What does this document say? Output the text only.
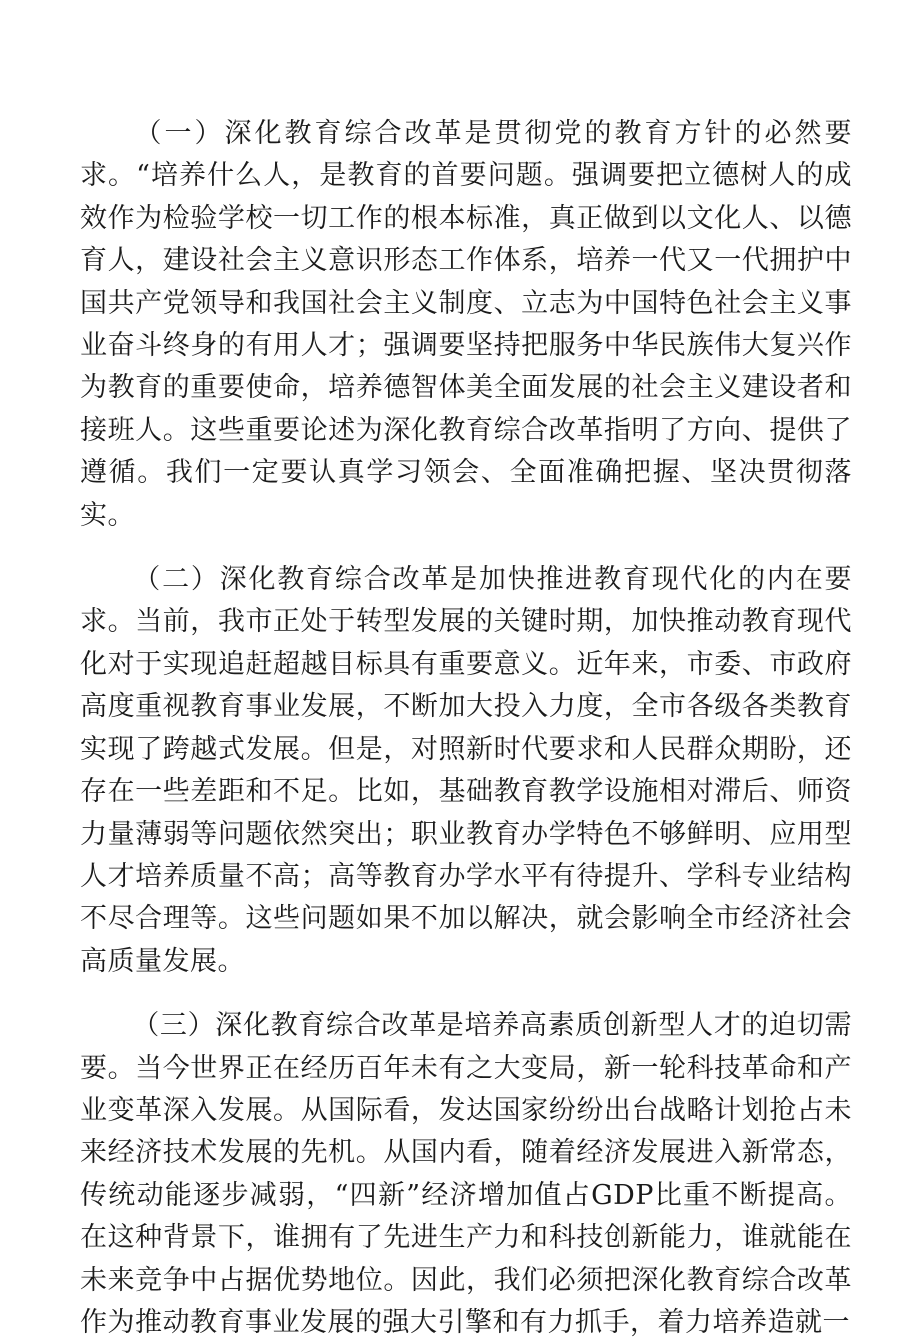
（一）深化教育综合改革是贯彻党的教育方针的必然要求。“培养什么人，是教育的首要问题。强调要把立德树人的成效作为检验学校一切工作的根本标准，真正做到以文化人、以德育人，建设社会主义意识形态工作体系，培养一代又一代拥护中国共产党领导和我国社会主义制度、立志为中国特色社会主义事业奋斗终身的有用人才；强调要坚持把服务中华民族伟大复兴作为教育的重要使命，培养德智体美全面发展的社会主义建设者和接班人。这些重要论述为深化教育综合改革指明了方向、提供了遵循。我们一定要认真学习领会、全面准确把握、坚决贯彻落实。

（二）深化教育综合改革是加快推进教育现代化的内在要求。当前，我市正处于转型发展的关键时期，加快推动教育现代化对于实现追赶超越目标具有重要意义。近年来，市委、市政府高度重视教育事业发展，不断加大投入力度，全市各级各类教育实现了跨越式发展。但是，对照新时代要求和人民群众期盼，还存在一些差距和不足。比如，基础教育教学设施相对滞后、师资力量薄弱等问题依然突出；职业教育办学特色不够鲜明、应用型人才培养质量不高；高等教育办学水平有待提升、学科专业结构不尽合理等。这些问题如果不加以解决，就会影响全市经济社会高质量发展。

（三）深化教育综合改革是培养高素质创新型人才的迫切需要。当今世界正在经历百年未有之大变局，新一轮科技革命和产业变革深入发展。从国际看，发达国家纷纷出台战略计划抢占未来经济技术发展的先机。从国内看，随着经济发展进入新常态，传统动能逐步减弱，“四新”经济增加值占GDP比重不断提高。在这种背景下，谁拥有了先进生产力和科技创新能力，谁就能在未来竞争中占据优势地位。因此，我们必须把深化教育综合改革作为推动教育事业发展的强大引擎和有力抓手，着力培养造就一
